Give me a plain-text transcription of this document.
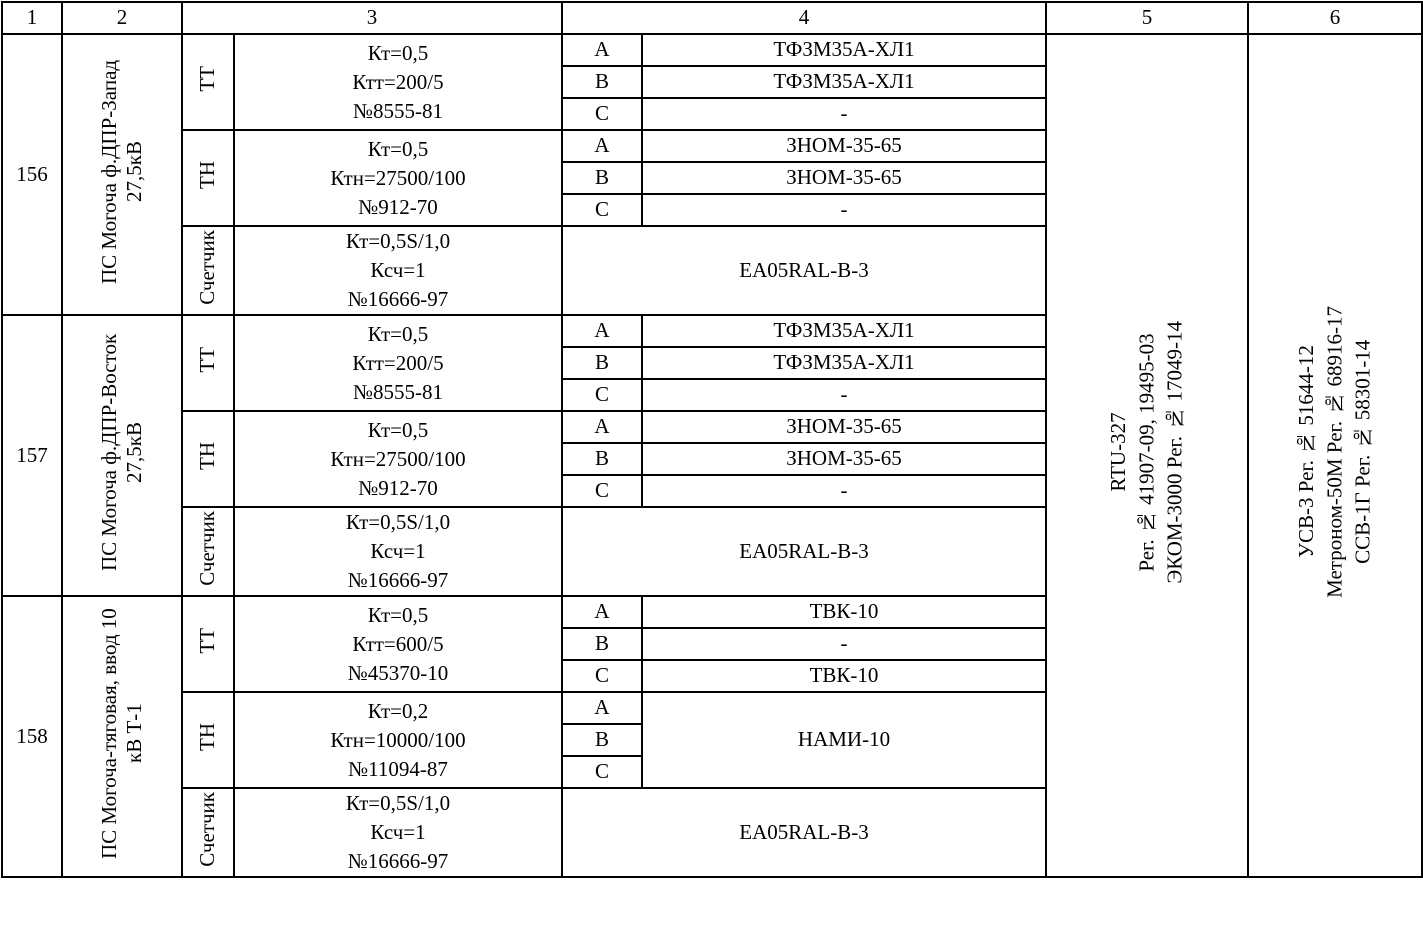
1	2	3		4		5	6
156	ПС Могоча ф.ДПР-Запад 27,5кВ	ТТ	Кт=0,5
Ктт=200/5
№8555-81	A	ТФЗМ35А-ХЛ1	RTU-327 Рег. № 41907-09, 19495-03 ЭКОМ-3000 Рег. № 17049-14	УСВ-3 Рег. № 51644-12 Метроном-50М Рег. № 68916-17 ССВ-1Г Рег. № 58301-14

				B	ТФЗМ35А-ХЛ1		
				C	-		
		ТН	Кт=0,5
Ктн=27500/100
№912-70	A	ЗНОМ-35-65		
				B	ЗНОМ-35-65		
				C	-		
		Счетчик	Кт=0,5S/1,0
Ксч=1
№16666-97	EA05RAL-B-3			

157	ПС Могоча ф.ДПР-Восток 27,5кВ	ТТ	Кт=0,5
Ктт=200/5
№8555-81	A	ТФЗМ35А-ХЛ1		
				B	ТФЗМ35А-ХЛ1		
				C	-		
		ТН	Кт=0,5
Ктн=27500/100
№912-70	A	ЗНОМ-35-65		
				B	ЗНОМ-35-65		
				C	-		
		Счетчик	Кт=0,5S/1,0
Ксч=1
№16666-97	EA05RAL-B-3			

158	ПС Могоча-тяговая, ввод 10 кВ Т-1	ТТ	Кт=0,5
Ктт=600/5
№45370-10	A	ТВК-10		
				B	-		
				C	ТВК-10		
		ТН	Кт=0,2
Ктн=10000/100
№11094-87	A	НАМИ-10		
				B			
				C			
		Счетчик	Кт=0,5S/1,0
Ксч=1
№16666-97	EA05RAL-B-3			
